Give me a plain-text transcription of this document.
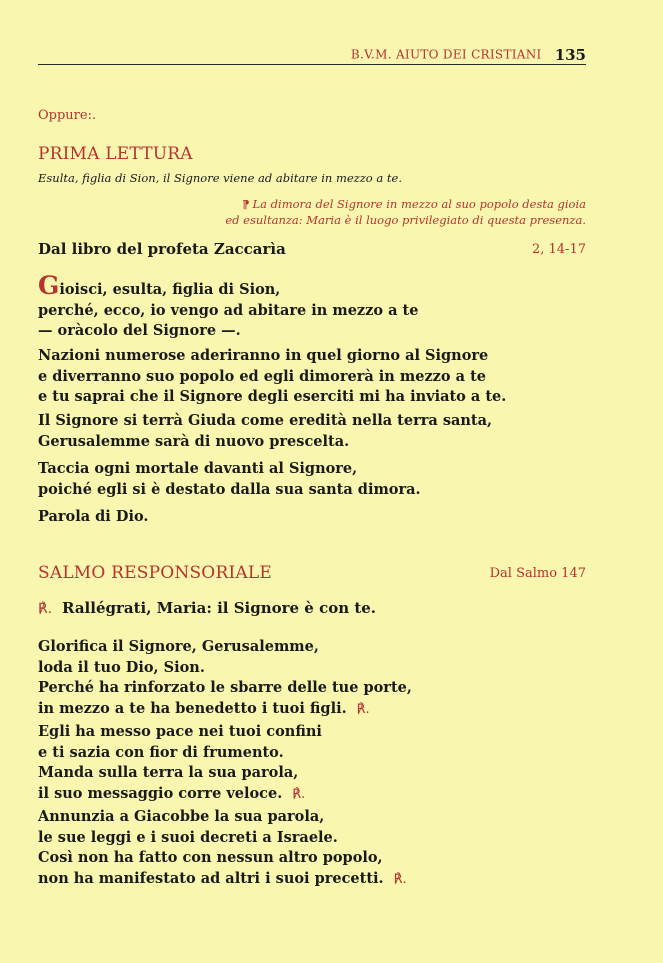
B.V.M. AIUTO DEI CRISTIANI 135
Oppure:.
PRIMA LETTURA
Esulta, figlia di Sion, il Signore viene ad abitare in mezzo a te.
⁋ La dimora del Signore in mezzo al suo popolo desta gioia
ed esultanza: Maria è il luogo privilegiato di questa presenza.
Dal libro del profeta Zaccarìa	2, 14-17
Gioisci, esulta, figlia di Sion,
perché, ecco, io vengo ad abitare in mezzo a te
— oràcolo del Signore —.
Nazioni numerose aderiranno in quel giorno al Signore
e diverranno suo popolo ed egli dimorerà in mezzo a te
e tu saprai che il Signore degli eserciti mi ha inviato a te.
Il Signore si terrà Giuda come eredità nella terra santa,
Gerusalemme sarà di nuovo prescelta.
Taccia ogni mortale davanti al Signore,
poiché egli si è destato dalla sua santa dimora.
Parola di Dio.
SALMO RESPONSORIALE	Dal Salmo 147
℟. Rallégrati, Maria: il Signore è con te.
Glorifica il Signore, Gerusalemme,
loda il tuo Dio, Sion.
Perché ha rinforzato le sbarre delle tue porte,
in mezzo a te ha benedetto i tuoi figli. ℟.
Egli ha messo pace nei tuoi confini
e ti sazia con fior di frumento.
Manda sulla terra la sua parola,
il suo messaggio corre veloce. ℟.
Annunzia a Giacobbe la sua parola,
le sue leggi e i suoi decreti a Israele.
Così non ha fatto con nessun altro popolo,
non ha manifestato ad altri i suoi precetti. ℟.
